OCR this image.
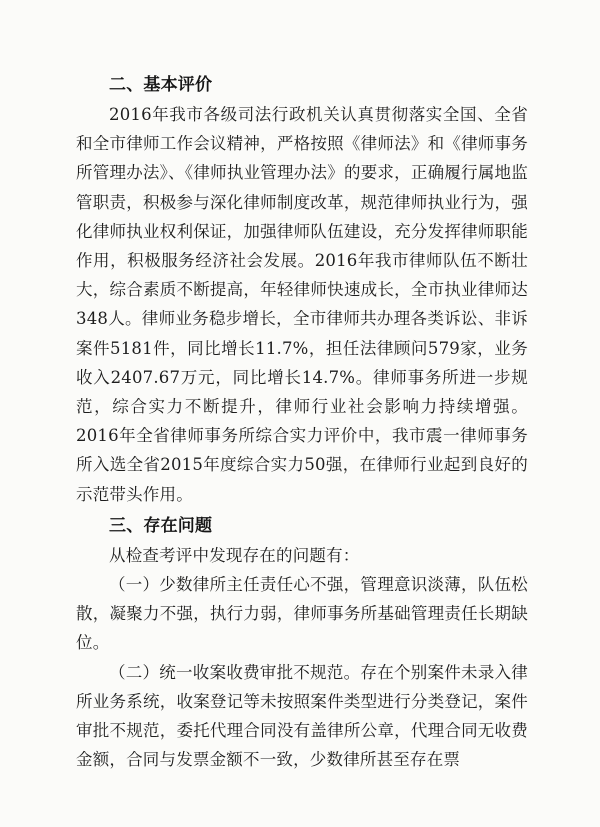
二、基本评价

2016年我市各级司法行政机关认真贯彻落实全国、全省和全市律师工作会议精神，严格按照《律师法》和《律师事务所管理办法》、《律师执业管理办法》的要求，正确履行属地监管职责，积极参与深化律师制度改革，规范律师执业行为，强化律师执业权利保证，加强律师队伍建设，充分发挥律师职能作用，积极服务经济社会发展。2016年我市律师队伍不断壮大，综合素质不断提高，年轻律师快速成长，全市执业律师达348人。律师业务稳步增长，全市律师共办理各类诉讼、非诉案件5181件，同比增长11.7%，担任法律顾问579家，业务收入2407.67万元，同比增长14.7%。律师事务所进一步规范，综合实力不断提升，律师行业社会影响力持续增强。2016年全省律师事务所综合实力评价中，我市震一律师事务所入选全省2015年度综合实力50强，在律师行业起到良好的示范带头作用。

三、存在问题

从检查考评中发现存在的问题有：

（一）少数律所主任责任心不强，管理意识淡薄，队伍松散，凝聚力不强，执行力弱，律师事务所基础管理责任长期缺位。

（二）统一收案收费审批不规范。存在个别案件未录入律所业务系统，收案登记等未按照案件类型进行分类登记，案件审批不规范，委托代理合同没有盖律所公章，代理合同无收费金额，合同与发票金额不一致，少数律所甚至存在票
